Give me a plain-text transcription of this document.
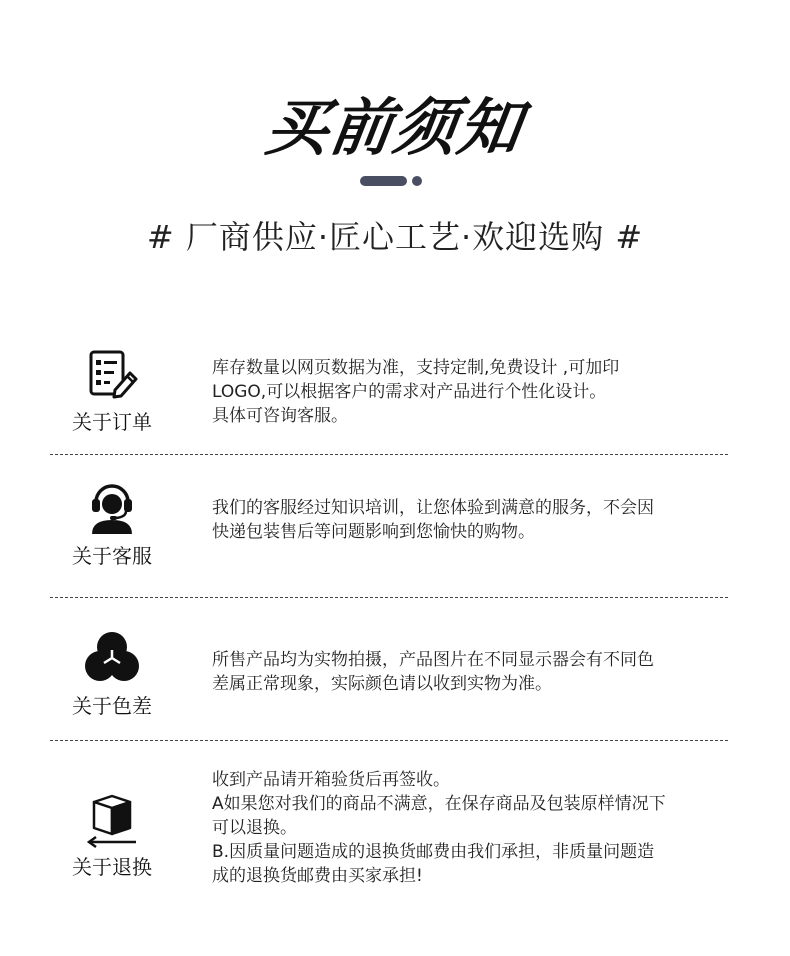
买前须知
# 厂商供应·匠心工艺·欢迎选购 #
关于订单
库存数量以网页数据为准，支持定制,免费设计 ,可加印
LOGO,可以根据客户的需求对产品进行个性化设计。
具体可咨询客服。
关于客服
我们的客服经过知识培训，让您体验到满意的服务，不会因
快递包装售后等问题影响到您愉快的购物。
关于色差
所售产品均为实物拍摄，产品图片在不同显示器会有不同色
差属正常现象，实际颜色请以收到实物为准。
关于退换
收到产品请开箱验货后再签收。
A如果您对我们的商品不满意，在保存商品及包装原样情况下
可以退换。
B.因质量问题造成的退换货邮费由我们承担，非质量问题造
成的退换货邮费由买家承担!
